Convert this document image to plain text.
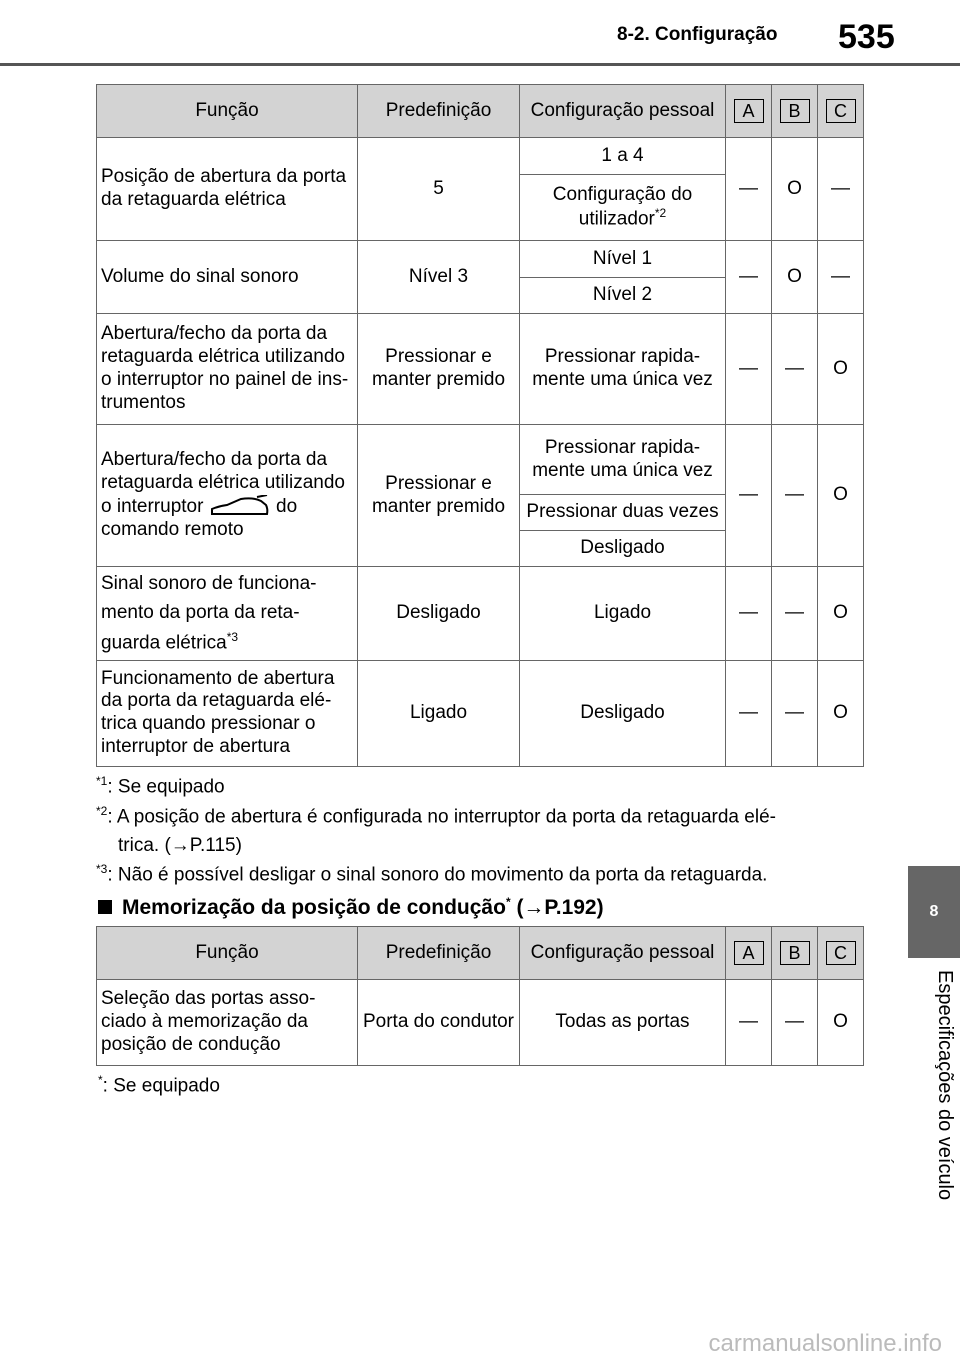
8-2. Configuração 535
8
Especificações do veículo
Função	Predefinição	Configuração pessoal	A	B	C
Posição de abertura da porta da retaguarda elétrica	5	1 a 4	—	O	—
		Configuração do utilizador$^{*2}$
Volume do sinal sonoro	Nível 3	Nível 1	—	O	—
		Nível 2			
Abertura/fecho da porta da retaguarda elétrica utilizando o interruptor no painel de ins-trumentos	Pressionar e manter premido	Pressionar rapida-mente uma única vez	—	—	O
Abertura/fecho da porta da retaguarda elétrica utilizando o interruptor do comando remoto	Pressionar e manter premido	Pressionar rapida-mente uma única vez	—	—	O
		Pressionar duas vezes			
		Desligado			
Sinal sonoro de funciona-mento da porta da reta-guarda elétrica$^{*3}$	Desligado	Ligado	—	—	O
Funcionamento de abertura da porta da retaguarda elé-trica quando pressionar o interruptor de abertura	Ligado	Desligado	—	—	O

$^{*1}$: Se equipado

$^{*2}$: A posição de abertura é configurada no interruptor da porta da retaguarda elé-

trica. (→P.115)

$^{*3}$: Não é possível desligar o sinal sonoro do movimento da porta da retaguarda.

Memorização da posição de condução* (→P.192)
Função	Predefinição	Configuração pessoal	A	B	C
Seleção das portas asso-ciado à memorização da posição de condução	Porta do condutor	Todas as portas	—	—	O
*: Se equipado
carmanualsonline.info
